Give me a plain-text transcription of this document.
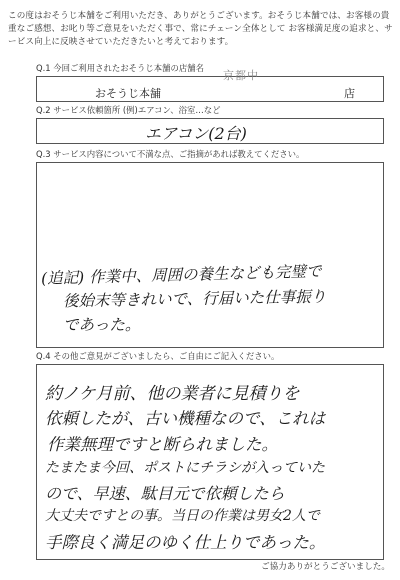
この度はおそうじ本舗をご利用いただき、ありがとうございます。おそうじ本舗では、お客様の貴重なご感想、お叱り等ご意見をいただく事で、常にチェーン全体として お客様満足度の追求と、サービス向上に反映させていただきたいと考えております。
Q.1 今回ご利用されたおそうじ本舗の店舗名
おそうじ本舗
京都中
店
Q.2 サービス依頼箇所 (例)エアコン、浴室…など
エアコン(2台)
Q.3 サービス内容について不満な点、ご指摘があれば教えてください。
(追記) 作業中、周囲の養生なども完璧で
後始末等きれいで、行届いた仕事振り
であった。
Q.4 その他ご意見がございましたら、ご自由にご記入ください。
約ノケ月前、他の業者に見積りを
依頼したが、古い機種なので、これは
作業無理ですと断られました。
たまたま今回、ポストにチラシが入っていた
ので、早速、駄目元で依頼したら
大丈夫ですとの事。当日の作業は男女2人で
手際良く満足のゆく仕上りであった。
ご協力ありがとうございました。
